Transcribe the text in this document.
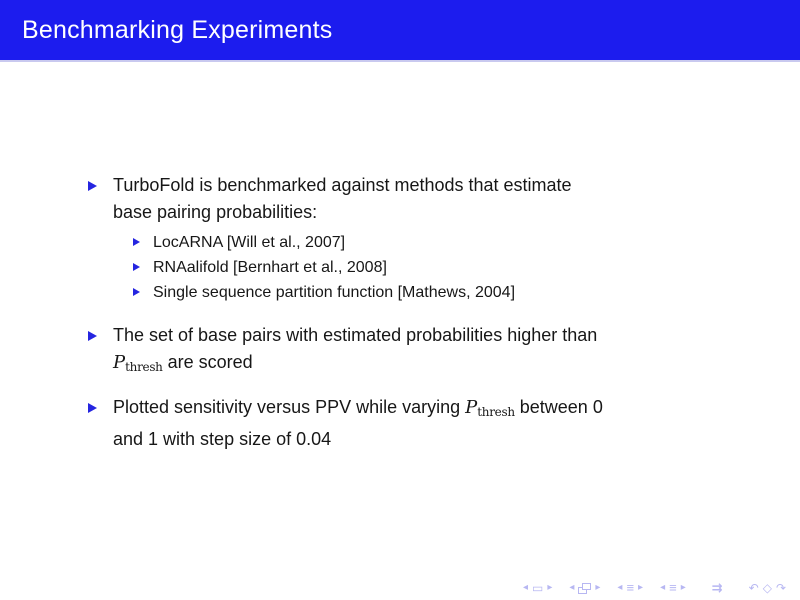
Benchmarking Experiments
TurboFold is benchmarked against methods that estimate
base pairing probabilities:
LocARNA [Will et al., 2007]
RNAalifold [Bernhart et al., 2008]
Single sequence partition function [Mathews, 2004]
The set of base pairs with estimated probabilities higher than
Pthresh are scored
Plotted sensitivity versus PPV while varying Pthresh between 0
and 1 with step size of 0.04
◂ ▭ ▸ ◂ ▸ ◂ ≡ ▸ ◂ ≡ ▸ ⇉ ↶ ◇ ↷
